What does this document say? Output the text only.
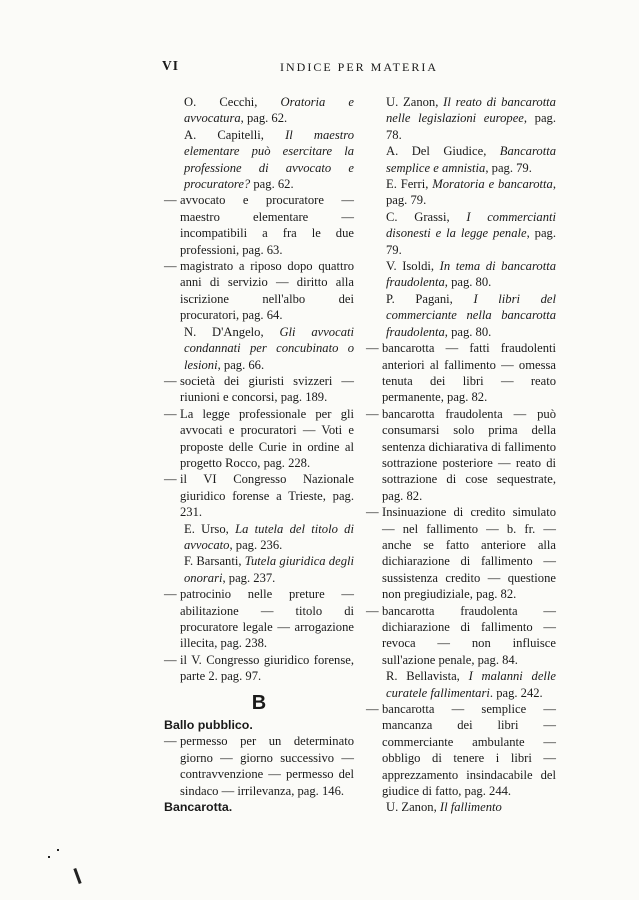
VI	INDICE PER MATERIA
O. Cecchi, Oratoria e avvocatura, pag. 62.
A. Capitelli, Il maestro elementare può esercitare la professione di avvocato e procuratore? pag. 62.
— avvocato e procuratore — maestro elementare — incompatibili a fra le due professioni, pag. 63.
— magistrato a riposo dopo quattro anni di servizio — diritto alla iscrizione nell'albo dei procuratori, pag. 64.
N. D'Angelo, Gli avvocati condannati per concubinato o lesioni, pag. 66.
— società dei giuristi svizzeri — riunioni e concorsi, pag. 189.
— La legge professionale per gli avvocati e procuratori — Voti e proposte delle Curie in ordine al progetto Rocco, pag. 228.
— il VI Congresso Nazionale giuridico forense a Trieste, pag. 231.
E. Urso, La tutela del titolo di avvocato, pag. 236.
F. Barsanti, Tutela giuridica degli onorari, pag. 237.
— patrocinio nelle preture — abilitazione — titolo di procuratore legale — arrogazione illecita, pag. 238.
— il V. Congresso giuridico forense, parte 2. pag. 97.
B
Ballo pubblico.
— permesso per un determinato giorno — giorno successivo — contravvenzione — permesso del sindaco — irrilevanza, pag. 146.
Bancarotta.
U. Zanon, Il reato di bancarotta nelle legislazioni europee, pag. 78.
A. Del Giudice, Bancarotta semplice e amnistia, pag. 79.
E. Ferri, Moratoria e bancarotta, pag. 79.
C. Grassi, I commercianti disonesti e la legge penale, pag. 79.
V. Isoldi, In tema di bancarotta fraudolenta, pag. 80.
P. Pagani, I libri del commerciante nella bancarotta fraudolenta, pag. 80.
— bancarotta — fatti fraudolenti anteriori al fallimento — omessa tenuta dei libri — reato permanente, pag. 82.
— bancarotta fraudolenta — può consumarsi solo prima della sentenza dichiarativa di fallimento sottrazione posteriore — reato di sottrazione di cose sequestrate, pag. 82.
— Insinuazione di credito simulato — nel fallimento — b. fr. — anche se fatto anteriore alla dichiarazione di fallimento — sussistenza credito — questione non pregiudiziale, pag. 82.
— bancarotta fraudolenta — dichiarazione di fallimento — revoca — non influisce sull'azione penale, pag. 84.
R. Bellavista, I malanni delle curatele fallimentari. pag. 242.
— bancarotta — semplice — mancanza dei libri — commerciante ambulante — obbligo di tenere i libri — apprezzamento insindacabile del giudice di fatto, pag. 244.
U. Zanon, Il fallimento
